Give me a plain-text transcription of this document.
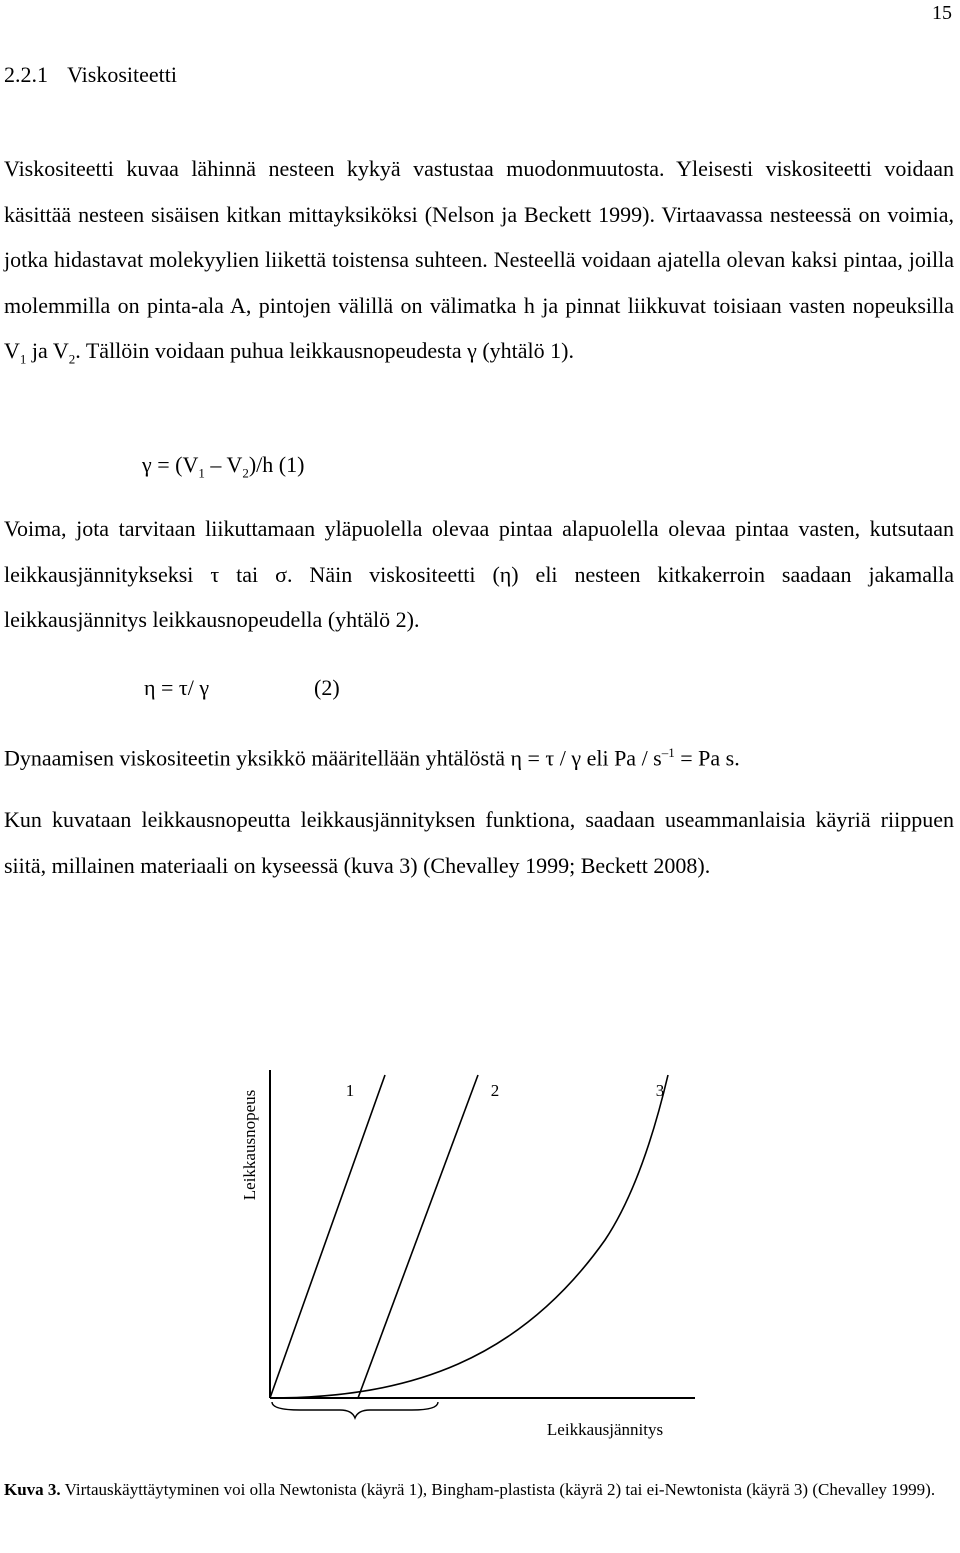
15
2.2.1 Viskositeetti

Viskositeetti kuvaa lähinnä nesteen kykyä vastustaa muodonmuutosta. Yleisesti viskositeetti voidaan käsittää nesteen sisäisen kitkan mittayksiköksi (Nelson ja Beckett 1999). Virtaavassa nesteessä on voimia, jotka hidastavat molekyylien liikettä toistensa suhteen. Nesteellä voidaan ajatella olevan kaksi pintaa, joilla molemmilla on pinta-ala A, pintojen välillä on välimatka h ja pinnat liikkuvat toisiaan vasten nopeuksilla $V_1$ ja $V_2$. Tällöin voidaan puhua leikkausnopeudesta γ (yhtälö 1).

$\gamma = (V_1 - V_2)/h$ (1)

Voima, jota tarvitaan liikuttamaan yläpuolella olevaa pintaa alapuolella olevaa pintaa vasten, kutsutaan leikkausjännitykseksi τ tai σ. Näin viskositeetti (η) eli nesteen kitkakerroin saadaan jakamalla leikkausjännitys leikkausnopeudella (yhtälö 2).

η = τ/ γ	(2)

Dynaamisen viskositeetin yksikkö määritellään yhtälöstä η = τ / γ eli $Pa / s^{-1} = Pa$ s.

Kun kuvataan leikkausnopeutta leikkausjännityksen funktiona, saadaan useammanlaisia käyriä riippuen siitä, millainen materiaali on kyseessä (kuva 3) (Chevalley 1999; Beckett 2008).

1	2	3
Leikkausnopeus
Leikkausjännitys

Kuva 3. Virtauskäyttäytyminen voi olla Newtonista (käyrä 1), Bingham-plastista (käyrä 2) tai ei-Newtonista (käyrä 3) (Chevalley 1999).
